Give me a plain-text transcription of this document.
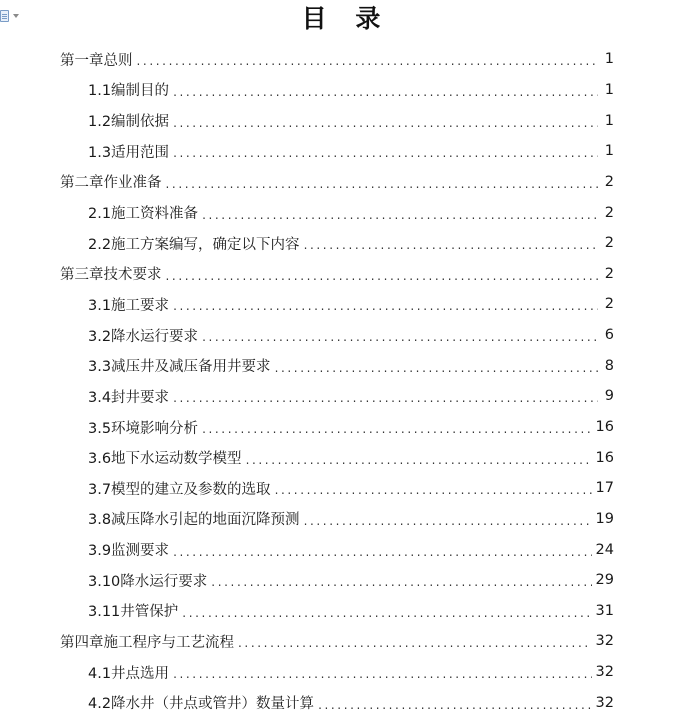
目 录
第一章总则 .....	1
1.1编制目的 .....	1
1.2编制依据 .....	1
1.3适用范围 .....	1
第二章作业准备 .....	2
2.1施工资料准备 .....	2
2.2施工方案编写，确定以下内容 .....	2
第三章技术要求 .....	2
3.1施工要求 .....	2
3.2降水运行要求 .....	6
3.3减压井及减压备用井要求 .....	8
3.4封井要求 .....	9
3.5环境影响分析 .....	16
3.6地下水运动数学模型 .....	16
3.7模型的建立及参数的选取 .....	17
3.8减压降水引起的地面沉降预测 .....	19
3.9监测要求 .....	24
3.10降水运行要求 .....	29
3.11井管保护 .....	31
第四章施工程序与工艺流程 .....	32
4.1井点选用 .....	32
4.2降水井（井点或管井）数量计算 .....	32
